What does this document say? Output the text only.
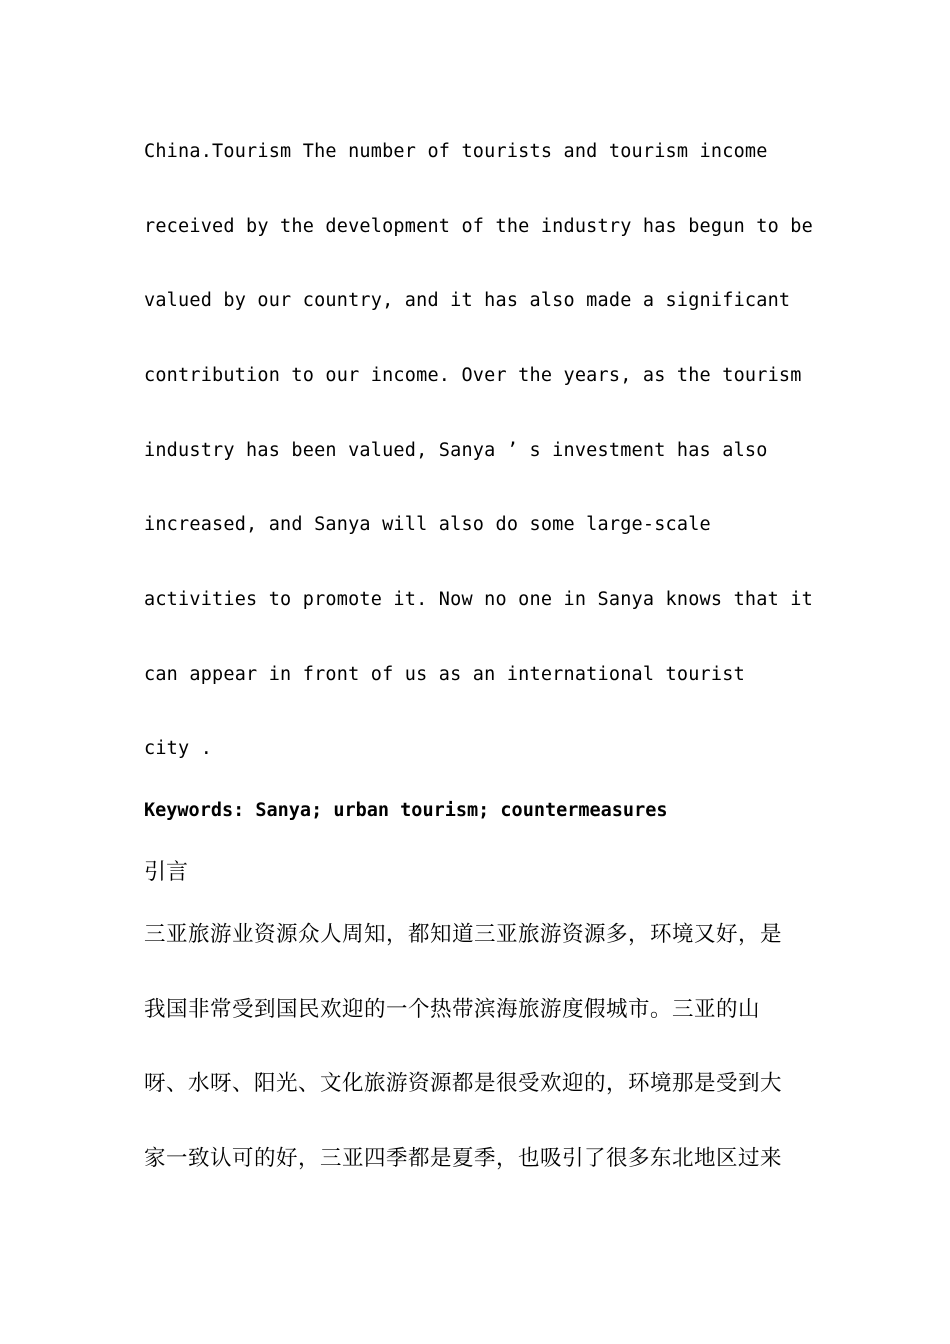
China.Tourism The number of tourists and tourism income
received by the development of the industry has begun to be
valued by our country, and it has also made a significant
contribution to our income. Over the years, as the tourism
industry has been valued, Sanya ’ s investment has also
increased, and Sanya will also do some large-scale
activities to promote it. Now no one in Sanya knows that it
can appear in front of us as an international tourist
city .
Keywords: Sanya; urban tourism; countermeasures
引言
三亚旅游业资源众人周知，都知道三亚旅游资源多，环境又好，是
我国非常受到国民欢迎的一个热带滨海旅游度假城市。三亚的山
呀、水呀、阳光、文化旅游资源都是很受欢迎的，环境那是受到大
家一致认可的好，三亚四季都是夏季，也吸引了很多东北地区过来
